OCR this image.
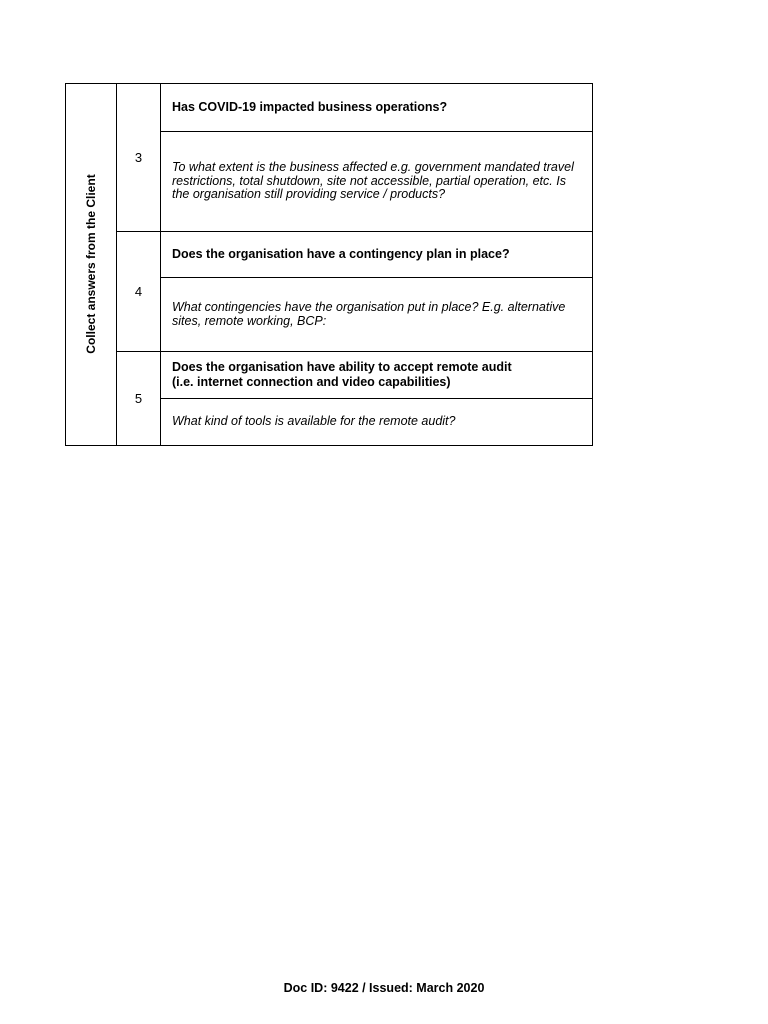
Collect answers from the Client
3
Has COVID-19 impacted business operations?
To what extent is the business affected e.g. government mandated travel restrictions, total shutdown, site not accessible, partial operation, etc. Is the organisation still providing service / products?
4
Does the organisation have a contingency plan in place?
What contingencies have the organisation put in place? E.g. alternative sites, remote working, BCP:
5
Does the organisation have ability to accept remote audit
(i.e. internet connection and video capabilities)
What kind of tools is available for the remote audit?
Doc ID: 9422 / Issued: March 2020
